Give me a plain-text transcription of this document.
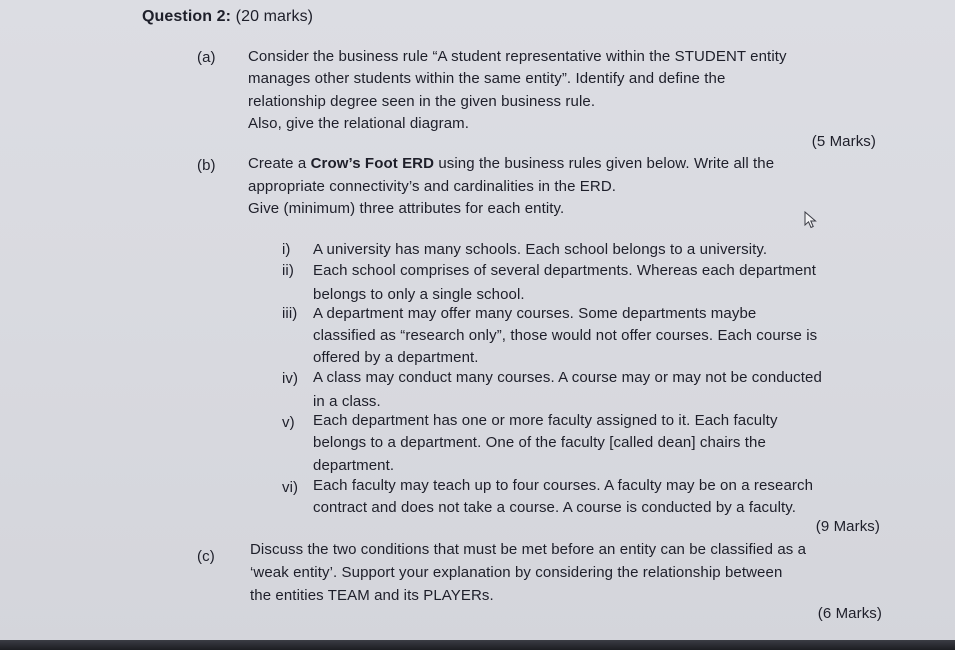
Question 2: (20 marks)
(a) Consider the business rule “A student representative within the STUDENT entity
manages other students within the same entity”. Identify and define the
relationship degree seen in the given business rule.
Also, give the relational diagram.
(5 Marks)
(b) Create a Crow’s Foot ERD using the business rules given below. Write all the
appropriate connectivity’s and cardinalities in the ERD.
Give (minimum) three attributes for each entity.
i)	A university has many schools. Each school belongs to a university.
ii)	Each school comprises of several departments. Whereas each department
belongs to only a single school.
iii)	A department may offer many courses. Some departments maybe
classified as “research only”, those would not offer courses. Each course is
offered by a department.
iv) A class may conduct many courses. A course may or may not be conducted
in a class.
v)	Each department has one or more faculty assigned to it. Each faculty
belongs to a department. One of the faculty [called dean] chairs the
department.
vi) Each faculty may teach up to four courses. A faculty may be on a research
contract and does not take a course. A course is conducted by a faculty.
(9 Marks)
(c) Discuss the two conditions that must be met before an entity can be classified as a
‘weak entity’. Support your explanation by considering the relationship between
the entities TEAM and its PLAYERs.
(6 Marks)
